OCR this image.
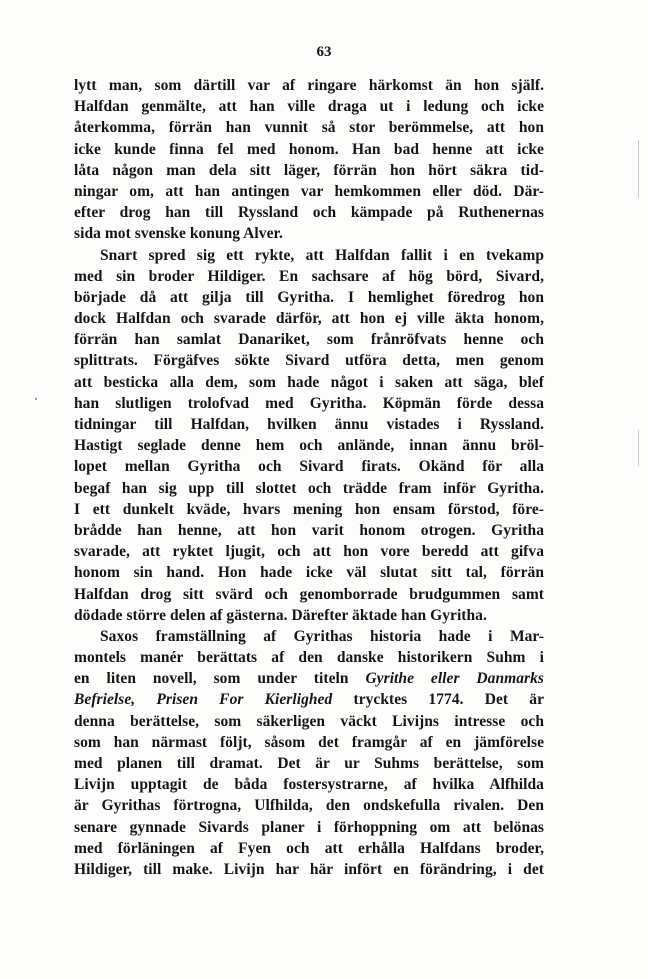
63
lytt man, som därtill var af ringare härkomst än hon själf.
Halfdan genmälte, att han ville draga ut i ledung och icke
återkomma, förrän han vunnit så stor berömmelse, att hon
icke kunde finna fel med honom. Han bad henne att icke
låta någon man dela sitt läger, förrän hon hört säkra tid-
ningar om, att han antingen var hemkommen eller död. Där-
efter drog han till Ryssland och kämpade på Ruthenernas
sida mot svenske konung Alver.
Snart spred sig ett rykte, att Halfdan fallit i en tvekamp
med sin broder Hildiger. En sachsare af hög börd, Sivard,
började då att gilja till Gyritha. I hemlighet föredrog hon
dock Halfdan och svarade därför, att hon ej ville äkta honom,
förrän han samlat Danariket, som frånröfvats henne och
splittrats. Förgäfves sökte Sivard utföra detta, men genom
att besticka alla dem, som hade något i saken att säga, blef
han slutligen trolofvad med Gyritha. Köpmän förde dessa
tidningar till Halfdan, hvilken ännu vistades i Ryssland.
Hastigt seglade denne hem och anlände, innan ännu bröl-
lopet mellan Gyritha och Sivard firats. Okänd för alla
begaf han sig upp till slottet och trädde fram inför Gyritha.
I ett dunkelt kväde, hvars mening hon ensam förstod, före-
brådde han henne, att hon varit honom otrogen. Gyritha
svarade, att ryktet ljugit, och att hon vore beredd att gifva
honom sin hand. Hon hade icke väl slutat sitt tal, förrän
Halfdan drog sitt svärd och genomborrade brudgummen samt
dödade större delen af gästerna. Därefter äktade han Gyritha.
Saxos framställning af Gyrithas historia hade i Mar-
montels manér berättats af den danske historikern Suhm i
en liten novell, som under titeln Gyrithe eller Danmarks
Befrielse, Prisen For Kierlighed trycktes 1774. Det är
denna berättelse, som säkerligen väckt Livijns intresse och
som han närmast följt, såsom det framgår af en jämförelse
med planen till dramat. Det är ur Suhms berättelse, som
Livijn upptagit de båda fostersystrarne, af hvilka Alfhilda
är Gyrithas förtrogna, Ulfhilda, den ondskefulla rivalen. Den
senare gynnade Sivards planer i förhoppning om att belönas
med förläningen af Fyen och att erhålla Halfdans broder,
Hildiger, till make. Livijn har här infört en förändring, i det
